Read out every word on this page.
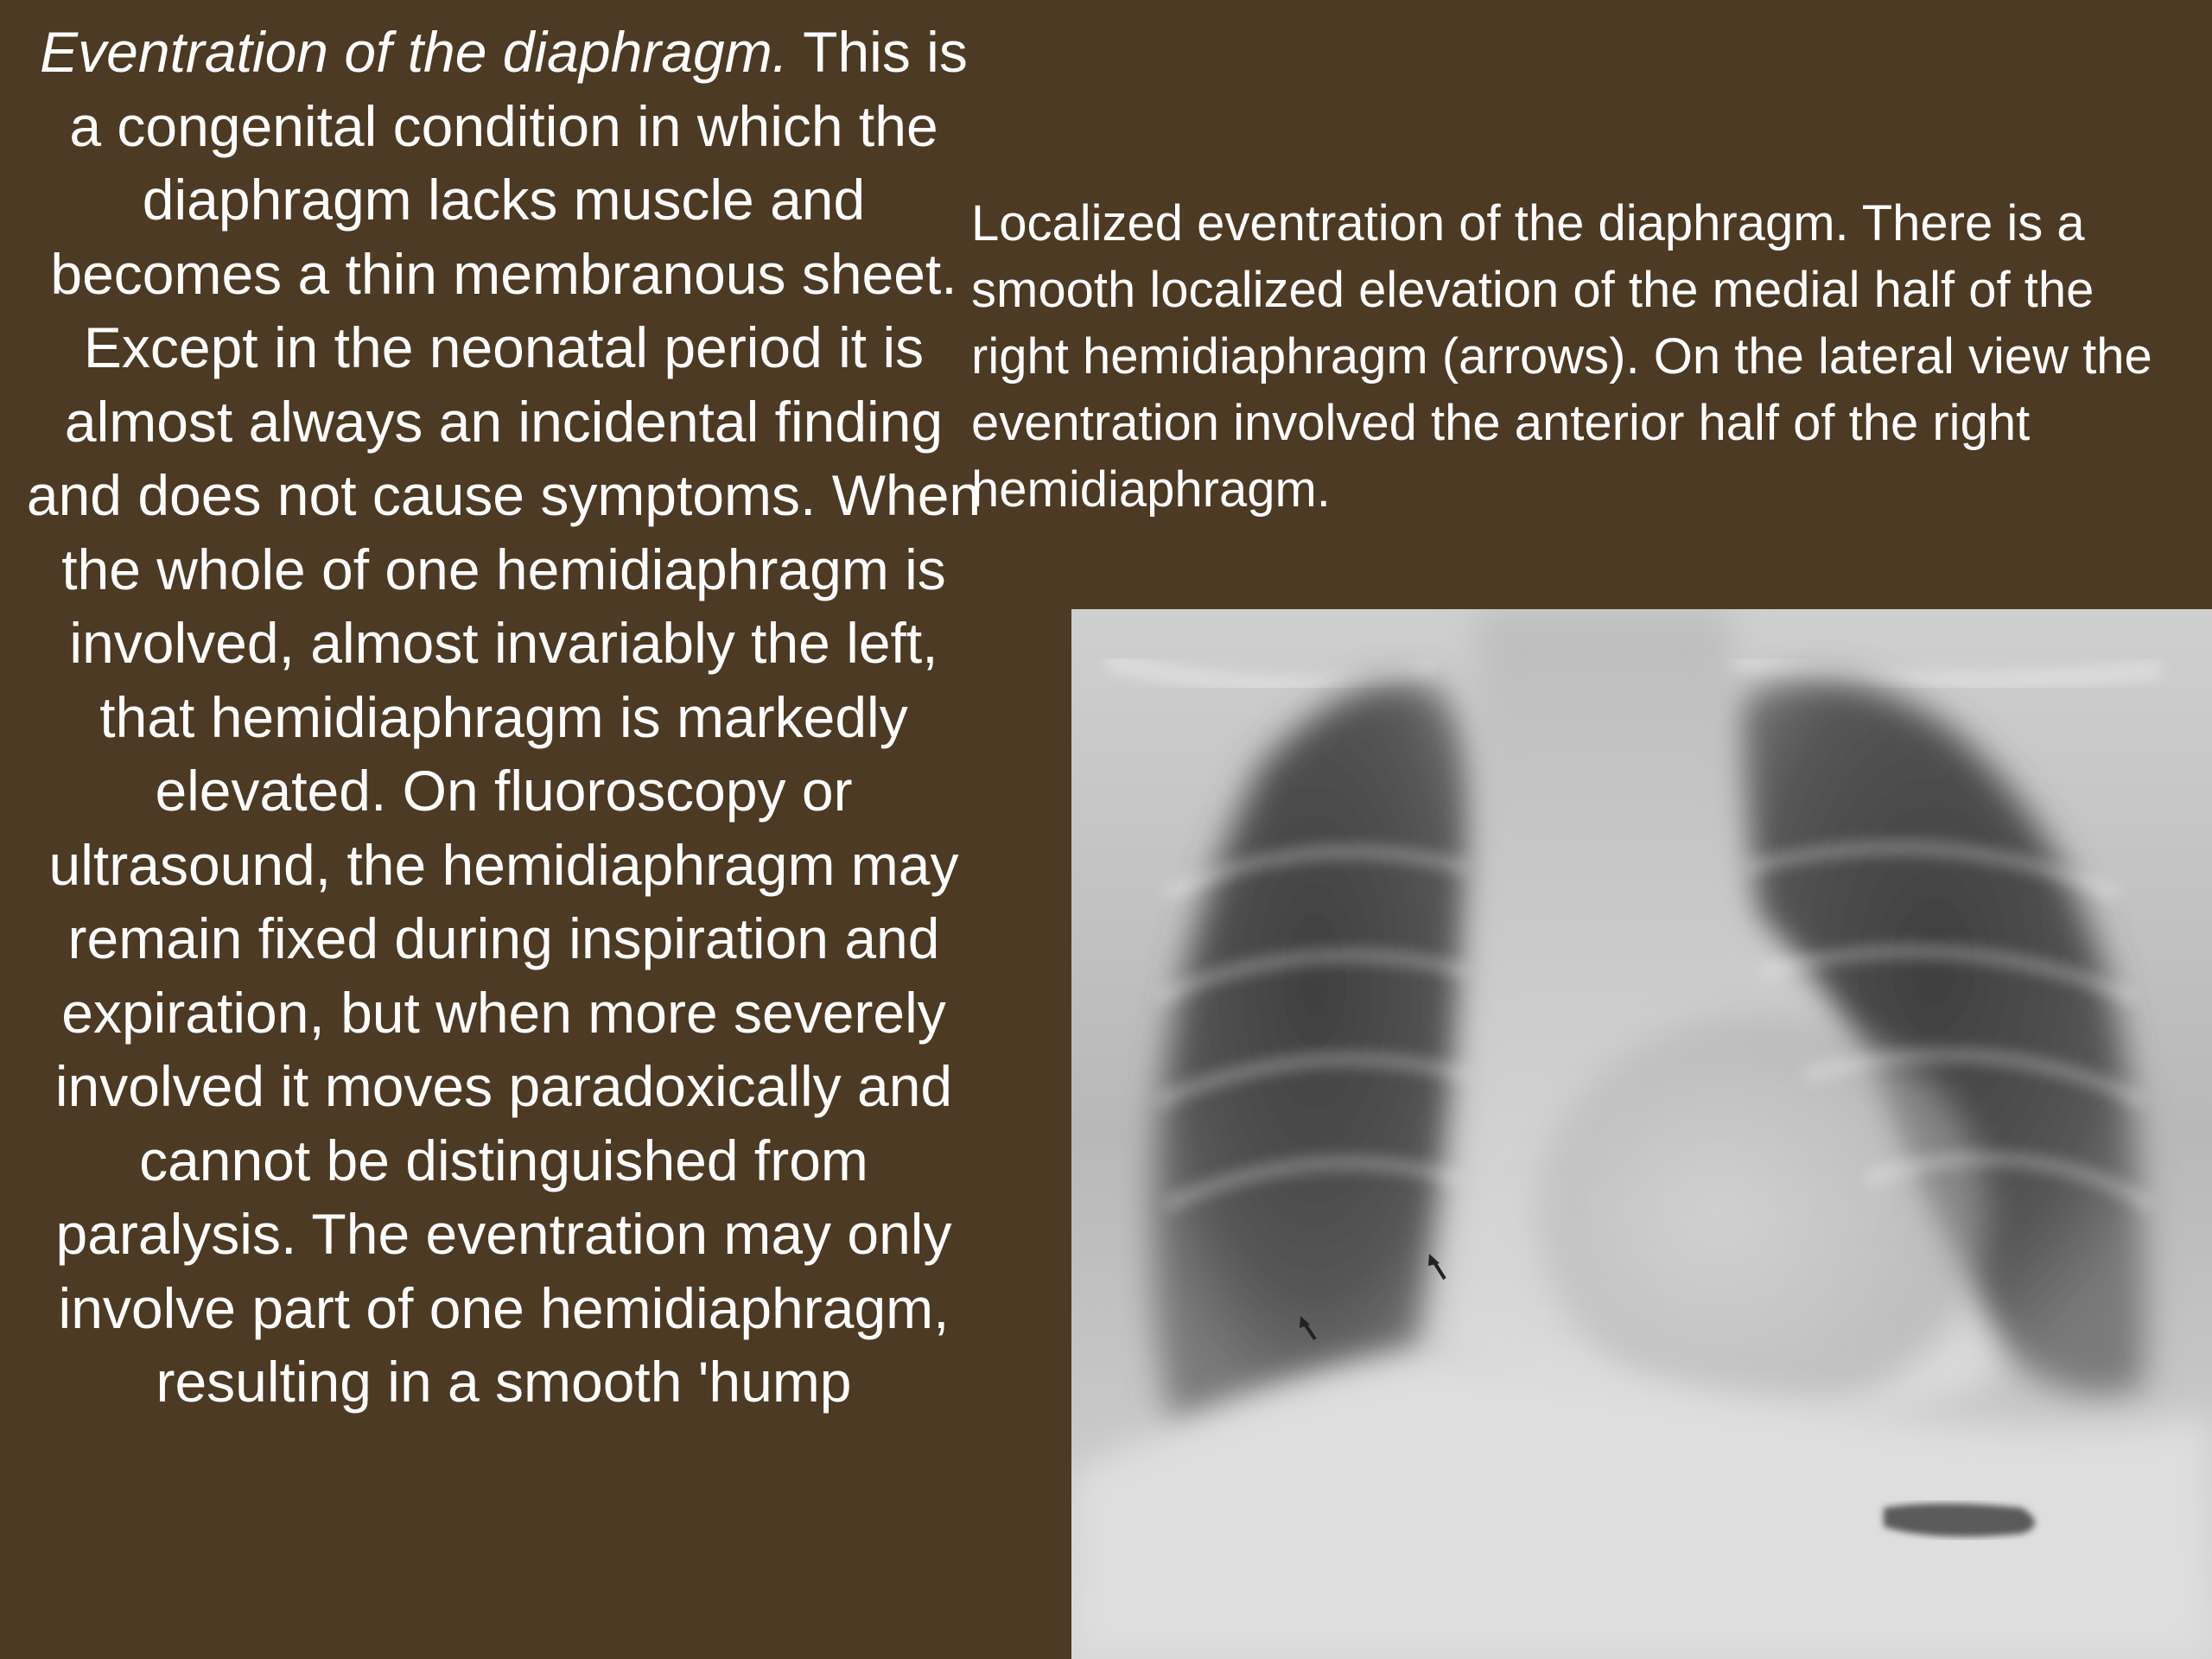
Eventration of the diaphragm. This is a congenital condition in which the diaphragm lacks muscle and becomes a thin membranous sheet. Except in the neonatal period it is almost always an incidental finding and does not cause symptoms. When the whole of one hemidiaphragm is involved, almost invariably the left, that hemidiaphragm is markedly elevated. On fluoroscopy or ultrasound, the hemidiaphragm may remain fixed during inspiration and expiration, but when more severely involved it moves paradoxically and cannot be distinguished from paralysis. The eventration may only involve part of one hemidiaphragm, resulting in a smooth 'hump

Localized eventration of the diaphragm. There is a smooth localized elevation of the medial half of the right hemidiaphragm (arrows). On the lateral view the eventration involved the anterior half of the right hemidiaphragm.
